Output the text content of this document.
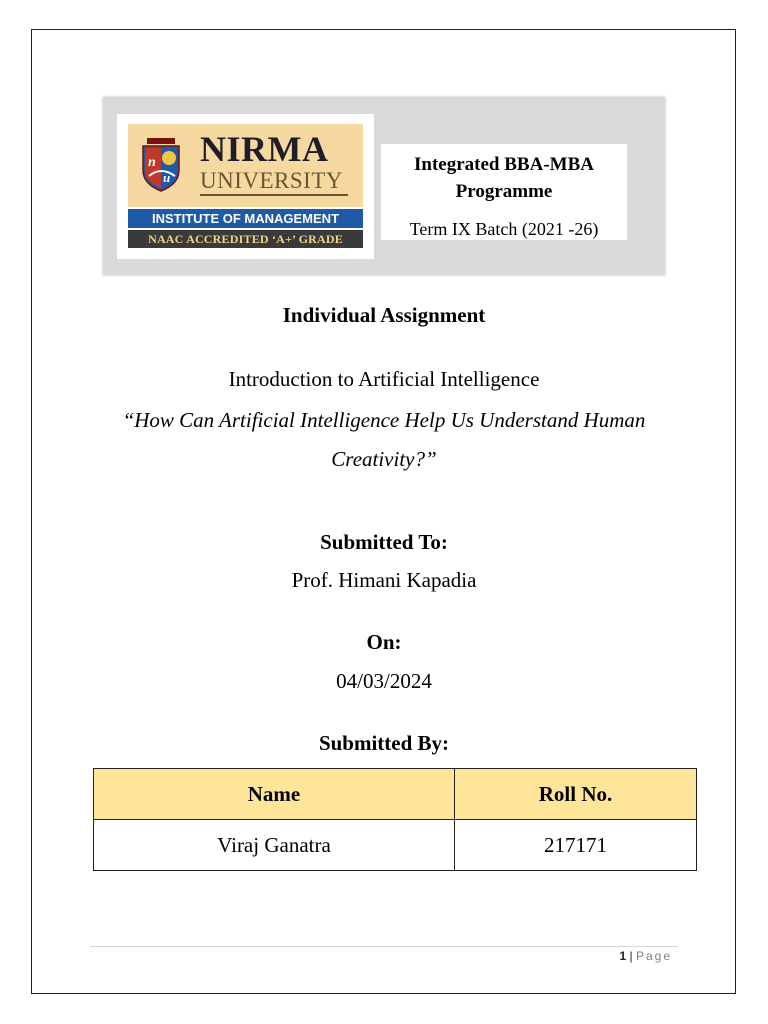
n
u
NIRMA
UNIVERSITY
INSTITUTE OF MANAGEMENT
NAAC ACCREDITED ‘A+’ GRADE
Integrated BBA-MBA
Programme
Term IX Batch (2021 -26)
Individual Assignment
Introduction to Artificial Intelligence
“How Can Artificial Intelligence Help Us Understand Human Creativity?”
Submitted To:
Prof. Himani Kapadia
On:
04/03/2024
Submitted By:
Name	Roll No.
Viraj Ganatra	217171
1 | Page
